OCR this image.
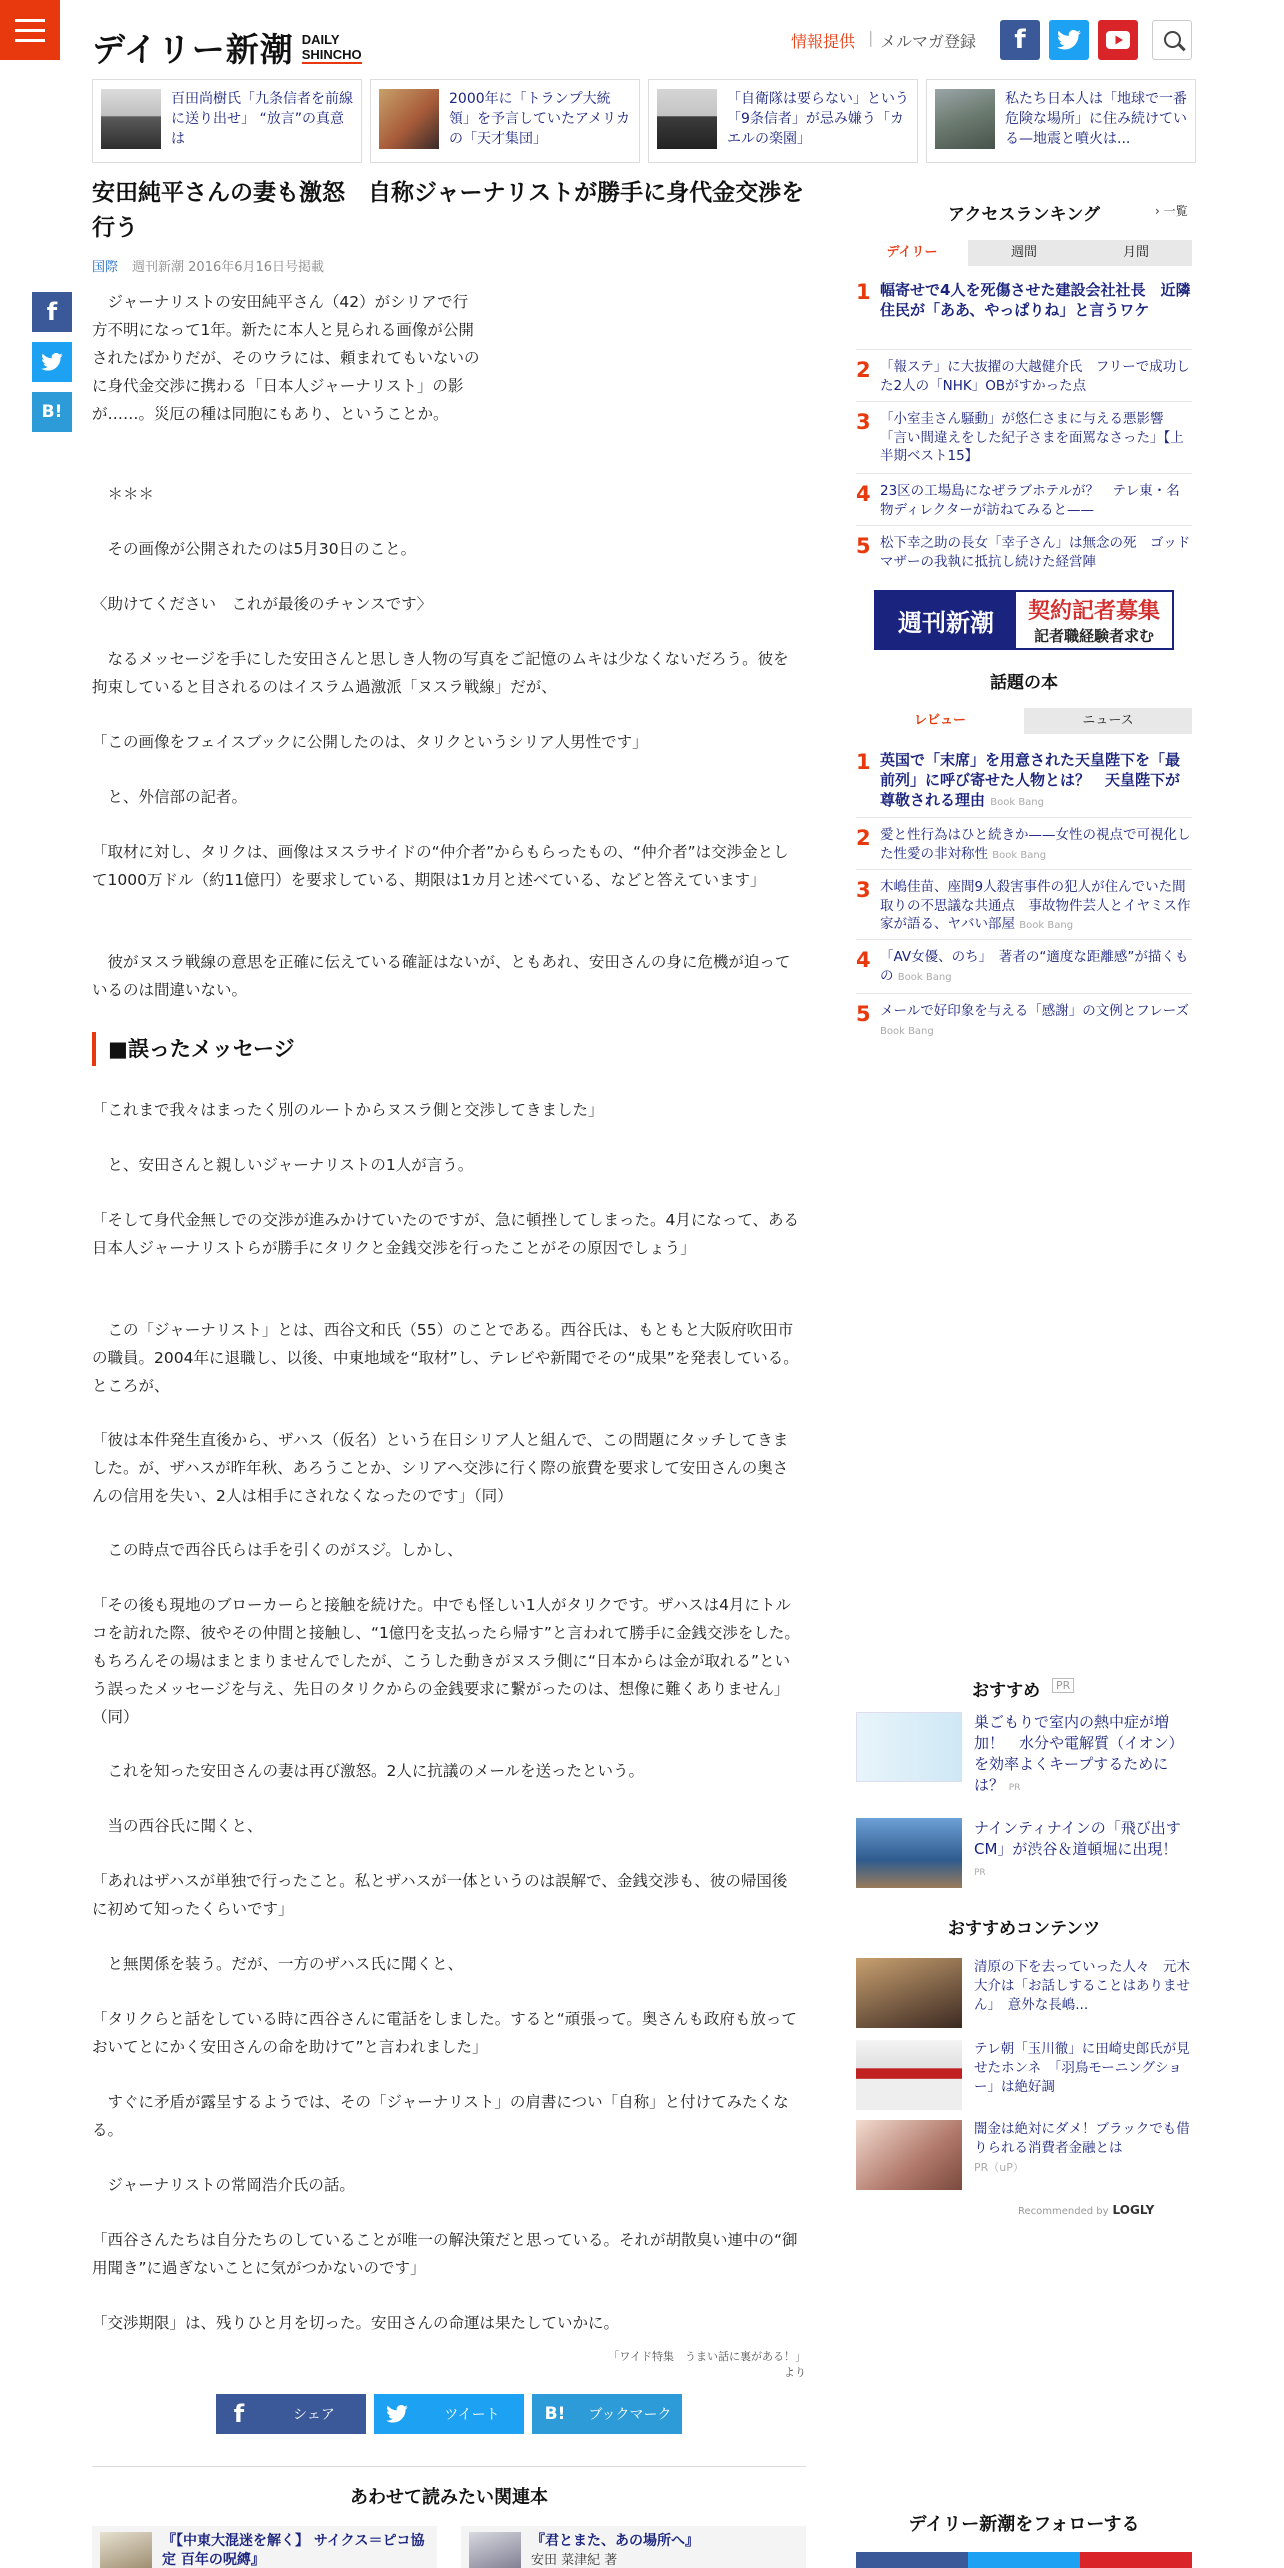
デイリー新潮 DAILY
SHINCHO
情報提供 | メルマガ登録	f
百田尚樹氏「九条信者を前線に送り出せ」 “放言”の真意は
2000年に「トランプ大統領」を予言していたアメリカの「天才集団」
「自衛隊は要らない」という「9条信者」が忌み嫌う「カエルの楽園」
私たち日本人は「地球で一番危険な場所」に住み続けている—地震と噴火は...
安田純平さんの妻も激怒　自称ジャーナリストが勝手に身代金交渉を行う
国際 週刊新潮 2016年6月16日号掲載
f
B!

　ジャーナリストの安田純平さん（42）がシリアで行方不明になって1年。新たに本人と見られる画像が公開されたばかりだが、そのウラには、頼まれてもいないのに身代金交渉に携わる「日本人ジャーナリスト」の影が……。災厄の種は同胞にもあり、ということか。

　＊＊＊

　その画像が公開されたのは5月30日のこと。

〈助けてください　これが最後のチャンスです〉

　なるメッセージを手にした安田さんと思しき人物の写真をご記憶のムキは少なくないだろう。彼を拘束していると目されるのはイスラム過激派「ヌスラ戦線」だが、

「この画像をフェイスブックに公開したのは、タリクというシリア人男性です」

　と、外信部の記者。

「取材に対し、タリクは、画像はヌスラサイドの“仲介者”からもらったもの、“仲介者”は交渉金として1000万ドル（約11億円）を要求している、期限は1カ月と述べている、などと答えています」

　彼がヌスラ戦線の意思を正確に伝えている確証はないが、ともあれ、安田さんの身に危機が迫っているのは間違いない。

■誤ったメッセージ

「これまで我々はまったく別のルートからヌスラ側と交渉してきました」

　と、安田さんと親しいジャーナリストの1人が言う。

「そして身代金無しでの交渉が進みかけていたのですが、急に頓挫してしまった。4月になって、ある日本人ジャーナリストらが勝手にタリクと金銭交渉を行ったことがその原因でしょう」

　この「ジャーナリスト」とは、西谷文和氏（55）のことである。西谷氏は、もともと大阪府吹田市の職員。2004年に退職し、以後、中東地域を“取材”し、テレビや新聞でその“成果”を発表している。ところが、

「彼は本件発生直後から、ザハス（仮名）という在日シリア人と組んで、この問題にタッチしてきました。が、ザハスが昨年秋、あろうことか、シリアへ交渉に行く際の旅費を要求して安田さんの奥さんの信用を失い、2人は相手にされなくなったのです」（同）

　この時点で西谷氏らは手を引くのがスジ。しかし、

「その後も現地のブローカーらと接触を続けた。中でも怪しい1人がタリクです。ザハスは4月にトルコを訪れた際、彼やその仲間と接触し、“1億円を支払ったら帰す”と言われて勝手に金銭交渉をした。もちろんその場はまとまりませんでしたが、こうした動きがヌスラ側に“日本からは金が取れる”という誤ったメッセージを与え、先日のタリクからの金銭要求に繋がったのは、想像に難くありません」（同）

　これを知った安田さんの妻は再び激怒。2人に抗議のメールを送ったという。

　当の西谷氏に聞くと、

「あれはザハスが単独で行ったこと。私とザハスが一体というのは誤解で、金銭交渉も、彼の帰国後に初めて知ったくらいです」

　と無関係を装う。だが、一方のザハス氏に聞くと、

「タリクらと話をしている時に西谷さんに電話をしました。すると“頑張って。奥さんも政府も放っておいてとにかく安田さんの命を助けて”と言われました」

　すぐに矛盾が露呈するようでは、その「ジャーナリスト」の肩書につい「自称」と付けてみたくなる。

　ジャーナリストの常岡浩介氏の話。

「西谷さんたちは自分たちのしていることが唯一の解決策だと思っている。それが胡散臭い連中の“御用聞き”に過ぎないことに気がつかないのです」

「交渉期限」は、残りひと月を切った。安田さんの命運は果たしていかに。

「ワイド特集　うまい話に裏がある！」より
f	シェア	ツイート	B!	ブックマーク
あわせて読みたい関連本
『【中東大混迷を解く】 サイクス＝ピコ協定 百年の呪縛』
『君とまた、あの場所へ』
安田 菜津紀 著
アクセスランキング	› 一覧
デイリー	週間	月間
1 幅寄せで4人を死傷させた建設会社社長　近隣住民が「ああ、やっぱりね」と言うワケ
2 「報ステ」に大抜擢の大越健介氏　フリーで成功した2人の「NHK」OBがすかった点
3 「小室圭さん騒動」が悠仁さまに与える悪影響　「言い間違えをした紀子さまを面罵なさった」【上半期ベスト15】
4 23区の工場島になぜラブホテルが？　テレ東・名物ディレクターが訪ねてみると——
5 松下幸之助の長女「幸子さん」は無念の死　ゴッドマザーの我執に抵抗し続けた経営陣
週刊新潮	契約記者募集
記者職経験者求む
話題の本
レビュー	ニュース
1 英国で「末席」を用意された天皇陛下を「最前列」に呼び寄せた人物とは？　天皇陛下が尊敬される理由 Book Bang
2 愛と性行為はひと続きか——女性の視点で可視化した性愛の非対称性 Book Bang
3 木嶋佳苗、座間9人殺害事件の犯人が住んでいた間取りの不思議な共通点　事故物件芸人とイヤミス作家が語る、ヤバい部屋 Book Bang
4 「AV女優、のち」　著者の“適度な距離感”が描くもの Book Bang
5 メールで好印象を与える「感謝」の文例とフレーズ Book Bang
おすすめ	PR
巣ごもりで室内の熱中症が増加！　水分や電解質（イオン）を効率よくキープするためには？ PR
ナインティナインの「飛び出すCM」が渋谷＆道頓堀に出現！ PR
おすすめコンテンツ
清原の下を去っていった人々　元木大介は「お話しすることはありません」　意外な長嶋...
テレ朝「玉川徹」に田崎史郎氏が見せたホンネ　「羽鳥モーニングショー」は絶好調
闇金は絶対にダメ！ブラックでも借りられる消費者金融とは
PR（uP）
Recommended by LOGLY
デイリー新潮をフォローする
